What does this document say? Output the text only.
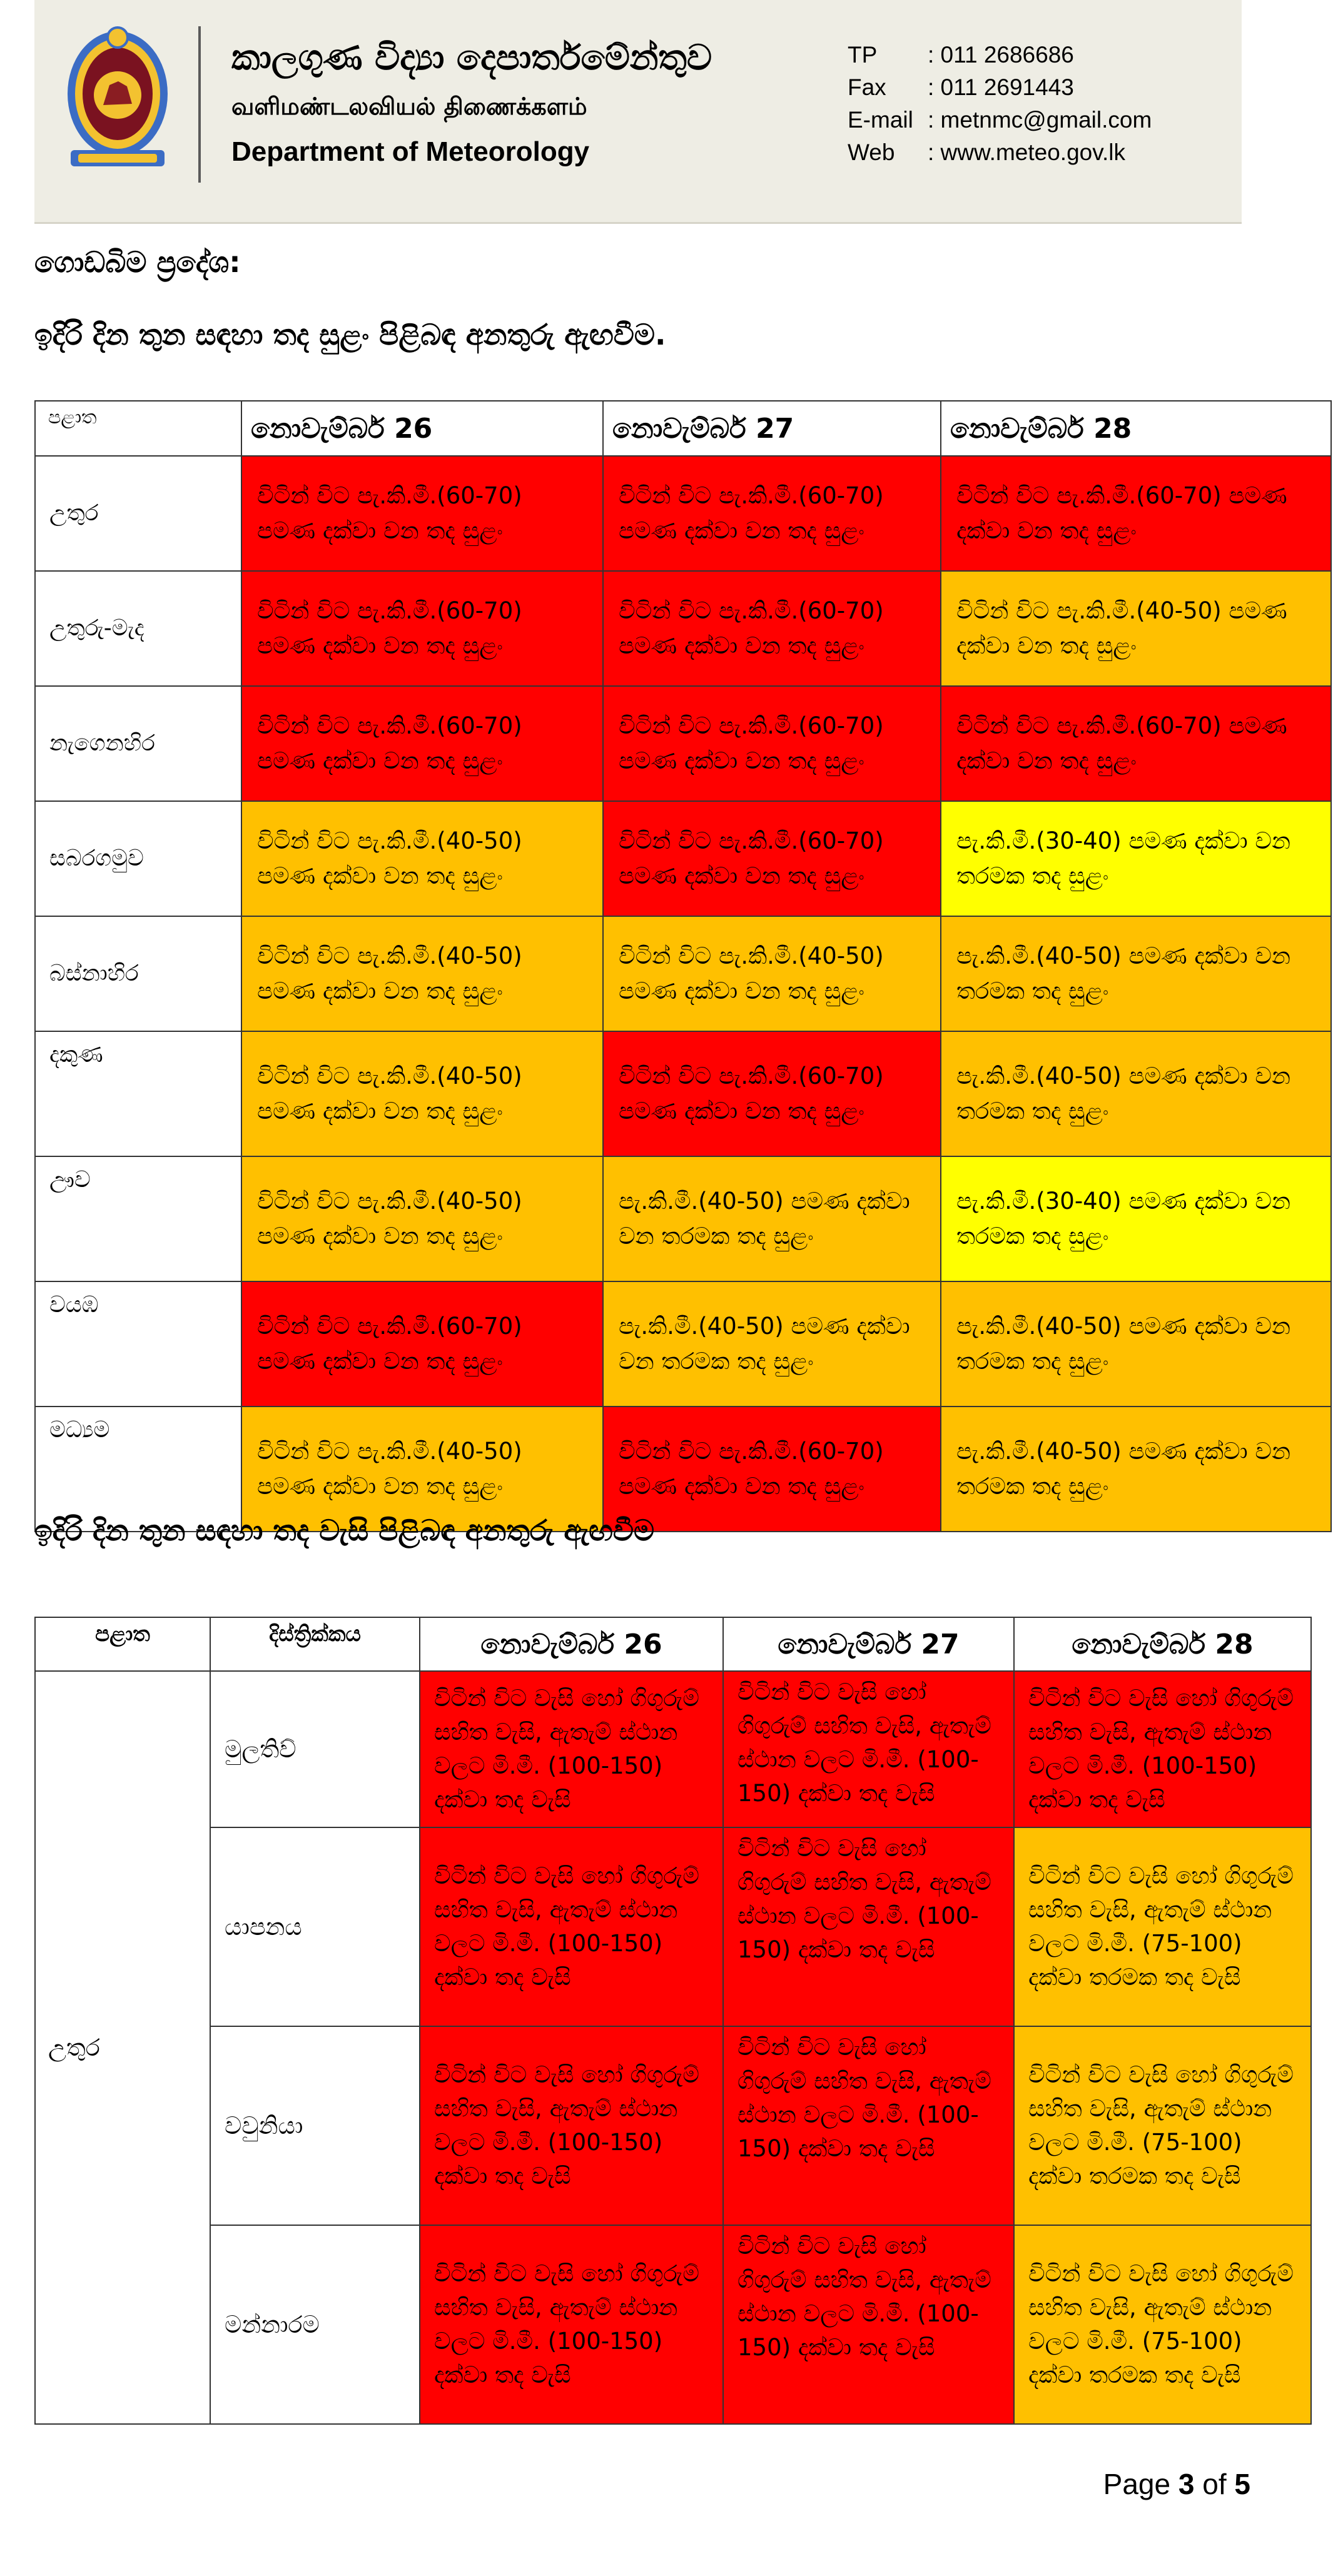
කාලගුණ විද්‍යා දෙපාර්තමේන්තුව
வளிமண்டலவியல் திணைக்களம்
Department of Meteorology
TP	: 011 2686686
Fax	: 011 2691443
E-mail : metnmc@gmail.com
Web	: www.meteo.gov.lk
ගොඩබිම ප්‍රදේශ:
ඉදිරි දින තුන සඳහා තද සුළං පිළිබඳ අනතුරු ඇඟවීම.
පළාත	නොවැම්බර් 26	නොවැම්බර් 27	නොවැම්බර් 28
උතුර	විටින් විට පැ.කි.මී.(60-70) පමණ දක්වා වන තද සුළං	විටින් විට පැ.කි.මී.(60-70) පමණ දක්වා වන තද සුළං	විටින් විට පැ.කි.මී.(60-70) පමණ දක්වා වන තද සුළං
උතුරු-මැද	විටින් විට පැ.කි.මී.(60-70) පමණ දක්වා වන තද සුළං	විටින් විට පැ.කි.මී.(60-70) පමණ දක්වා වන තද සුළං	විටින් විට පැ.කි.මී.(40-50) පමණ දක්වා වන තද සුළං
නැගෙනහිර	විටින් විට පැ.කි.මී.(60-70) පමණ දක්වා වන තද සුළං	විටින් විට පැ.කි.මී.(60-70) පමණ දක්වා වන තද සුළං	විටින් විට පැ.කි.මී.(60-70) පමණ දක්වා වන තද සුළං
සබරගමුව	විටින් විට පැ.කි.මී.(40-50) පමණ දක්වා වන තද සුළං	විටින් විට පැ.කි.මී.(60-70) පමණ දක්වා වන තද සුළං	පැ.කි.මී.(30-40) පමණ දක්වා වන තරමක තද සුළං
බස්නාහිර	විටින් විට පැ.කි.මී.(40-50) පමණ දක්වා වන තද සුළං	විටින් විට පැ.කි.මී.(40-50) පමණ දක්වා වන තද සුළං	පැ.කි.මී.(40-50) පමණ දක්වා වන තරමක තද සුළං
දකුණ	විටින් විට පැ.කි.මී.(40-50) පමණ දක්වා වන තද සුළං	විටින් විට පැ.කි.මී.(60-70) පමණ දක්වා වන තද සුළං	පැ.කි.මී.(40-50) පමණ දක්වා වන තරමක තද සුළං
ඌව	විටින් විට පැ.කි.මී.(40-50) පමණ දක්වා වන තද සුළං	පැ.කි.මී.(40-50) පමණ දක්වා වන තරමක තද සුළං	පැ.කි.මී.(30-40) පමණ දක්වා වන තරමක තද සුළං
වයඹ	විටින් විට පැ.කි.මී.(60-70) පමණ දක්වා වන තද සුළං	පැ.කි.මී.(40-50) පමණ දක්වා වන තරමක තද සුළං	පැ.කි.මී.(40-50) පමණ දක්වා වන තරමක තද සුළං
මධ්‍යම	විටින් විට පැ.කි.මී.(40-50) පමණ දක්වා වන තද සුළං	විටින් විට පැ.කි.මී.(60-70) පමණ දක්වා වන තද සුළං	පැ.කි.මී.(40-50) පමණ දක්වා වන තරමක තද සුළං
ඉදිරි දින තුන සඳහා තද වැසි පිළිබඳ අනතුරු ඇඟවීම
පළාත	දිස්ත්‍රික්කය	නොවැම්බර් 26	නොවැම්බර් 27	නොවැම්බර් 28
උතුර	මුලතිව්	විටින් විට වැසි හෝ ගිගුරුම් සහිත වැසි, ඇතැම් ස්ථාන වලට මි.මී. (100-150) දක්වා තද වැසි	විටින් විට වැසි හෝ ගිගුරුම් සහිත වැසි, ඇතැම් ස්ථාන වලට මි.මී. (100-150) දක්වා තද වැසි	විටින් විට වැසි හෝ ගිගුරුම් සහිත වැසි, ඇතැම් ස්ථාන වලට මි.මී. (100-150) දක්වා තද වැසි
	යාපනය	විටින් විට වැසි හෝ ගිගුරුම් සහිත වැසි, ඇතැම් ස්ථාන වලට මි.මී. (100-150) දක්වා තද වැසි	විටින් විට වැසි හෝ ගිගුරුම් සහිත වැසි, ඇතැම් ස්ථාන වලට මි.මී. (100-150) දක්වා තද වැසි	විටින් විට වැසි හෝ ගිගුරුම් සහිත වැසි, ඇතැම් ස්ථාන වලට මි.මී. (75-100) දක්වා තරමක තද වැසි
	වවුනියා	විටින් විට වැසි හෝ ගිගුරුම් සහිත වැසි, ඇතැම් ස්ථාන වලට මි.මී. (100-150) දක්වා තද වැසි	විටින් විට වැසි හෝ ගිගුරුම් සහිත වැසි, ඇතැම් ස්ථාන වලට මි.මී. (100-150) දක්වා තද වැසි	විටින් විට වැසි හෝ ගිගුරුම් සහිත වැසි, ඇතැම් ස්ථාන වලට මි.මී. (75-100) දක්වා තරමක තද වැසි
	මන්නාරම	විටින් විට වැසි හෝ ගිගුරුම් සහිත වැසි, ඇතැම් ස්ථාන වලට මි.මී. (100-150) දක්වා තද වැසි	විටින් විට වැසි හෝ ගිගුරුම් සහිත වැසි, ඇතැම් ස්ථාන වලට මි.මී. (100-150) දක්වා තද වැසි	විටින් විට වැසි හෝ ගිගුරුම් සහිත වැසි, ඇතැම් ස්ථාන වලට මි.මී. (75-100) දක්වා තරමක තද වැසි
Page 3 of 5
